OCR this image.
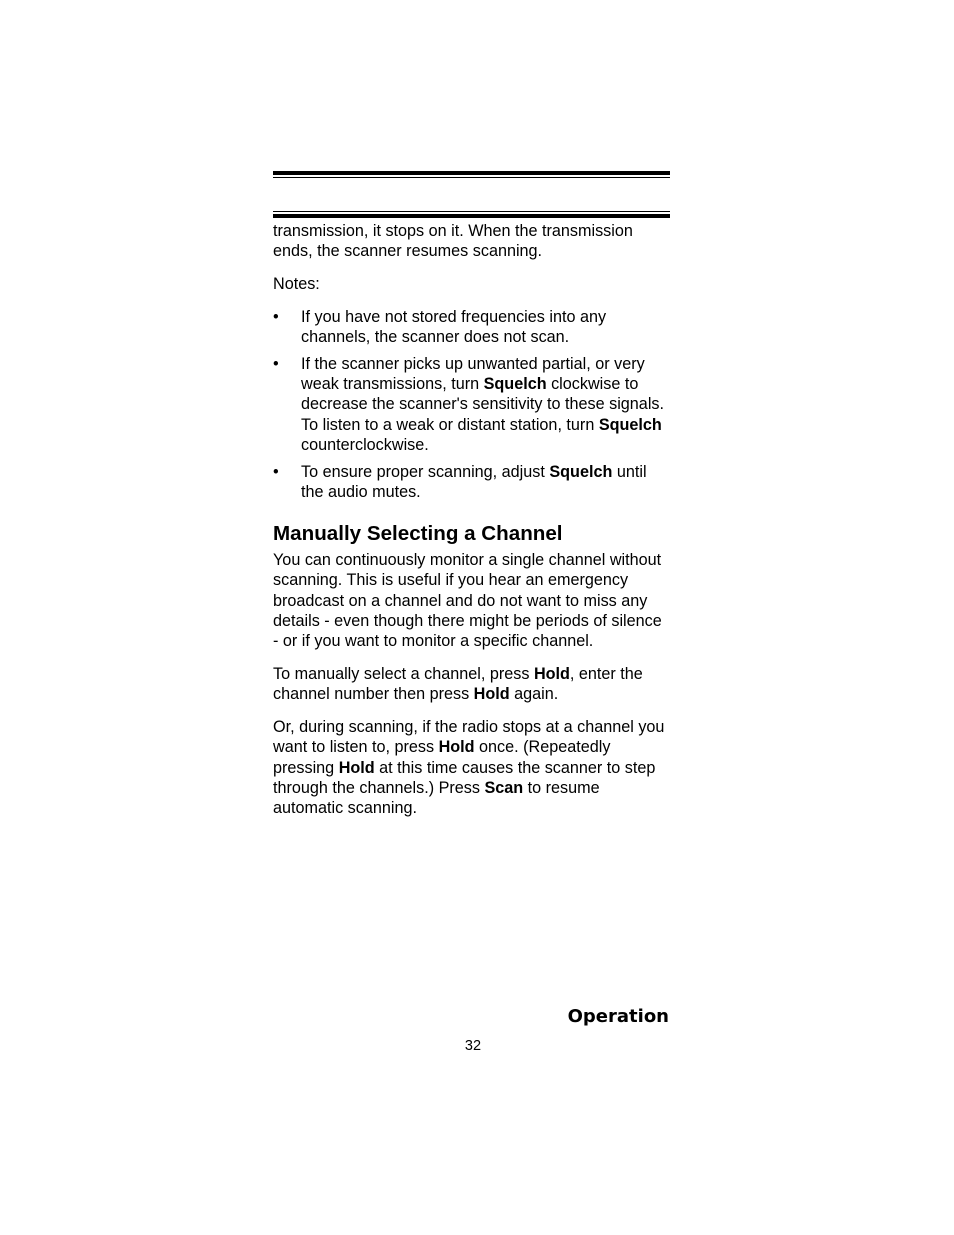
transmission, it stops on it. When the transmission ends, the scanner resumes scanning.

Notes:

• If you have not stored frequencies into any channels, the scanner does not scan.
• If the scanner picks up unwanted partial, or very weak transmissions, turn Squelch clockwise to decrease the scanner's sensitivity to these signals. To listen to a weak or distant station, turn Squelch counterclockwise.
• To ensure proper scanning, adjust Squelch until the audio mutes.
Manually Selecting a Channel

You can continuously monitor a single channel without scanning. This is useful if you hear an emergency broadcast on a channel and do not want to miss any details - even though there might be periods of silence - or if you want to monitor a specific channel.

To manually select a channel, press Hold, enter the channel number then press Hold again.

Or, during scanning, if the radio stops at a channel you want to listen to, press Hold once. (Repeatedly pressing Hold at this time causes the scanner to step through the channels.) Press Scan to resume automatic scanning.

Operation
32
